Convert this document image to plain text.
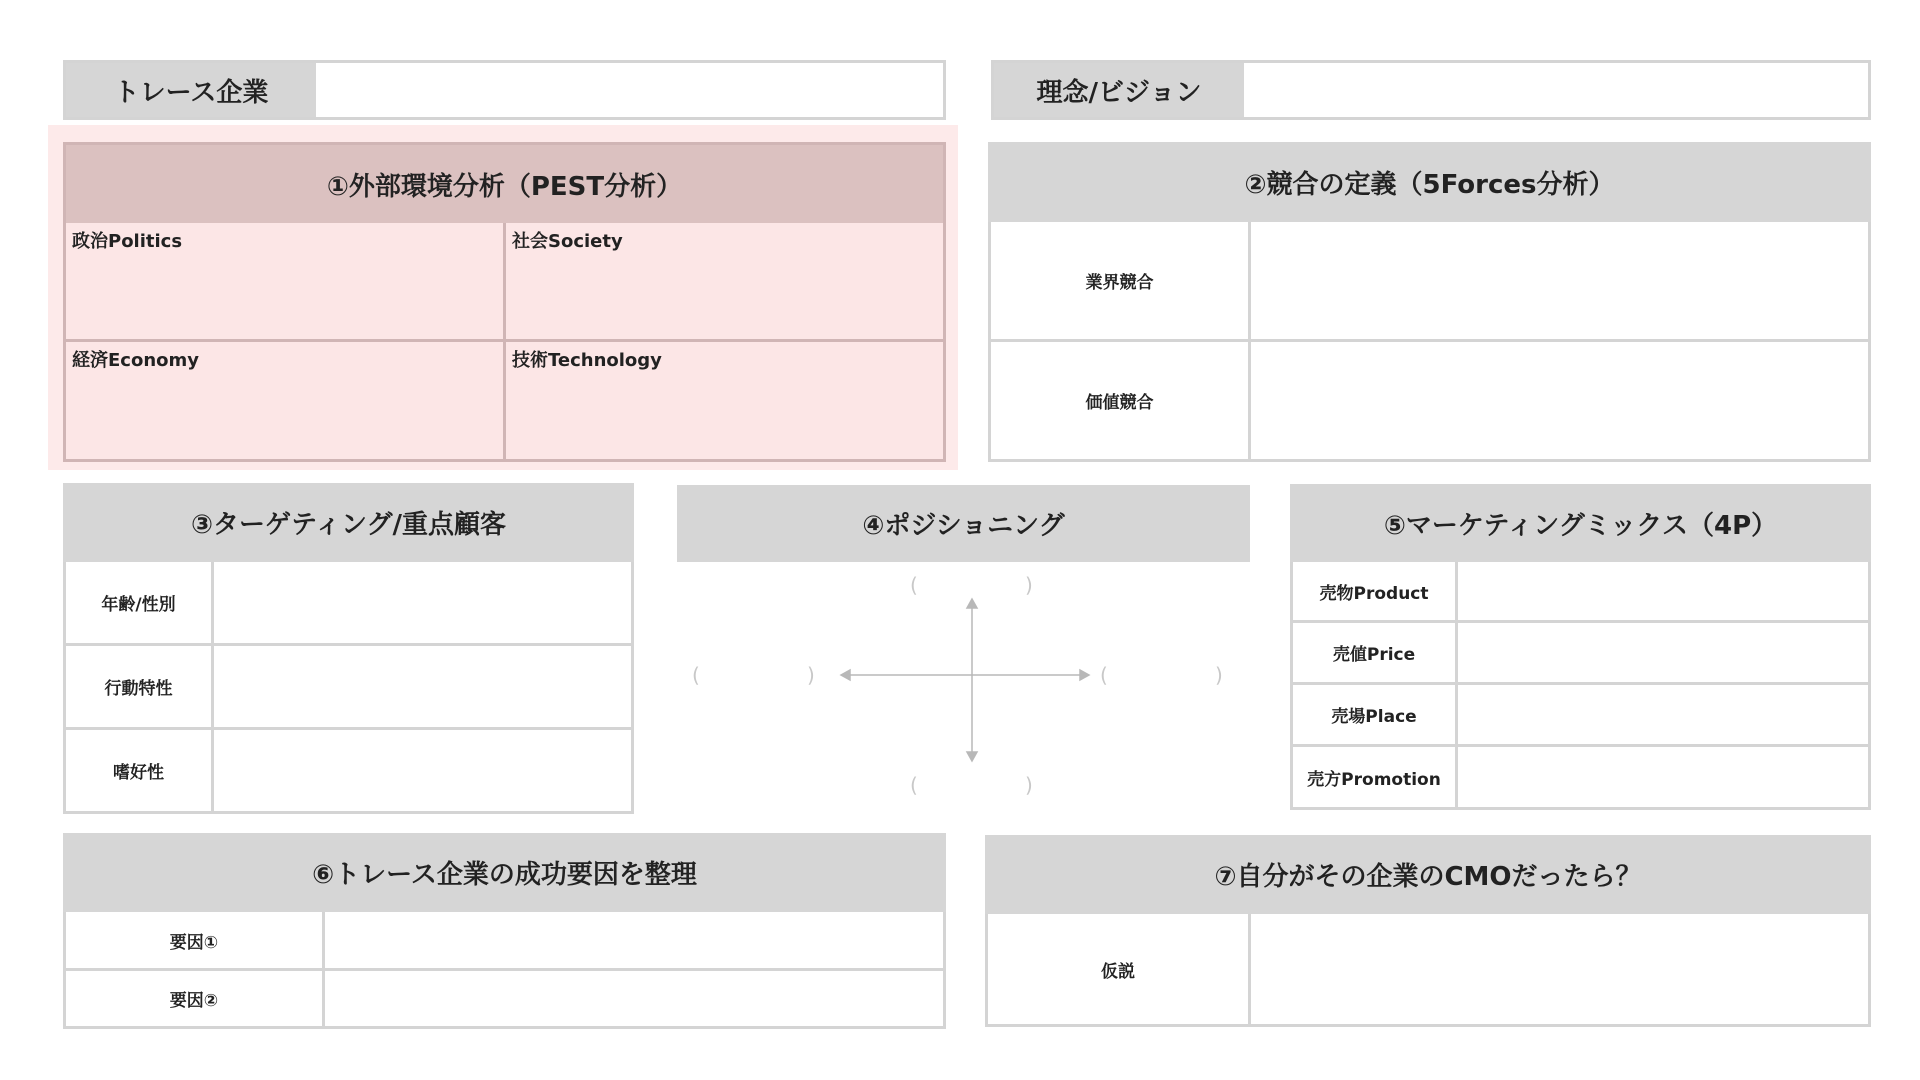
トレース企業	理念/ビジョン
①外部環境分析（PEST分析）
政治Politics	社会Society
経済Economy	技術Technology
②競合の定義（5Forces分析）
業界競合
価値競合
③ターゲティング/重点顧客
年齢/性別
行動特性
嗜好性
④ポジショニング
(	)
(	)	(	)
(	)
⑤マーケティングミックス（4P）
売物Product
売値Price
売場Place
売方Promotion
⑥トレース企業の成功要因を整理
要因①
要因②
⑦自分がその企業のCMOだったら？
仮説
